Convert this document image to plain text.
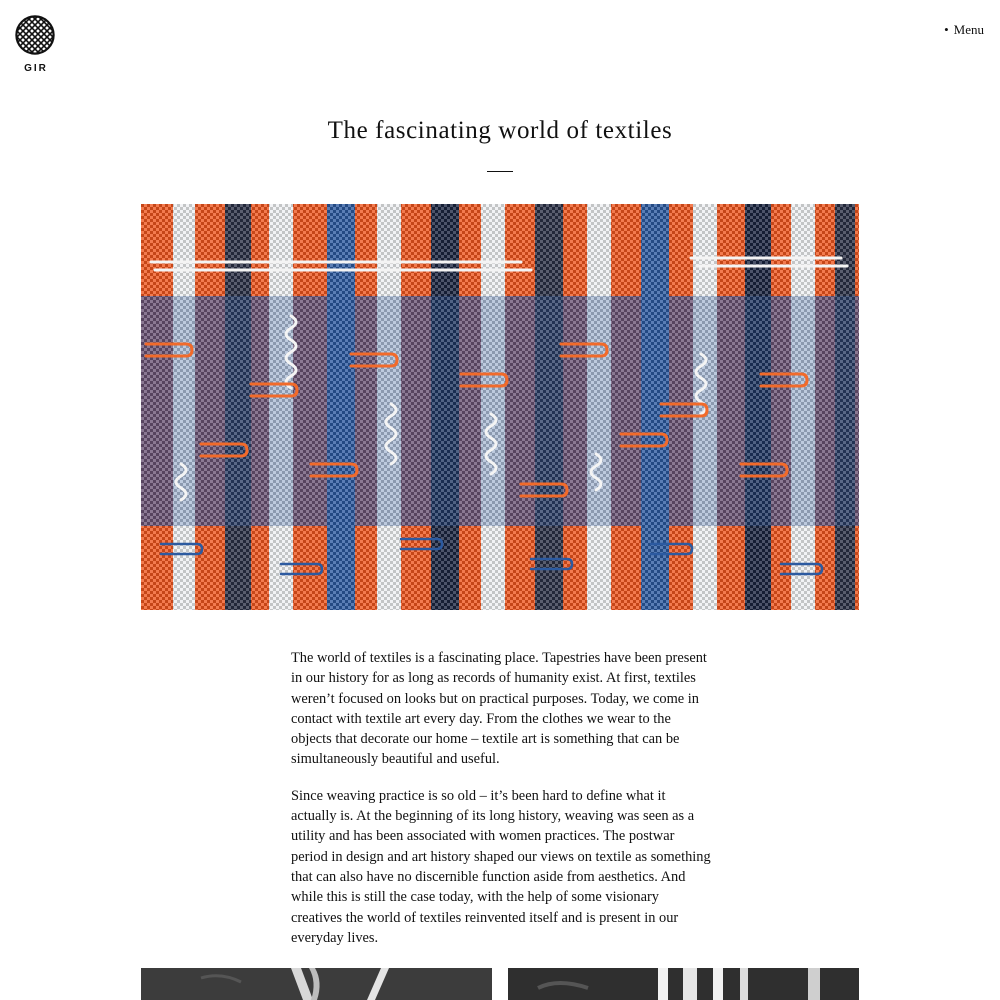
GIR
• Menu
The fascinating world of textiles

The world of textiles is a fascinating place. Tapestries have been present in our history for as long as records of humanity exist. At first, textiles weren’t focused on looks but on practical purposes. Today, we come in contact with textile art every day. From the clothes we wear to the objects that decorate our home – textile art is something that can be simultaneously beautiful and useful.

Since weaving practice is so old – it’s been hard to define what it actually is. At the beginning of its long history, weaving was seen as a utility and has been associated with women practices. The postwar period in design and art history shaped our views on textile as something that can also have no discernible function aside from aesthetics. And while this is still the case today, with the help of some visionary creatives the world of textiles reinvented itself and is present in our everyday lives.
